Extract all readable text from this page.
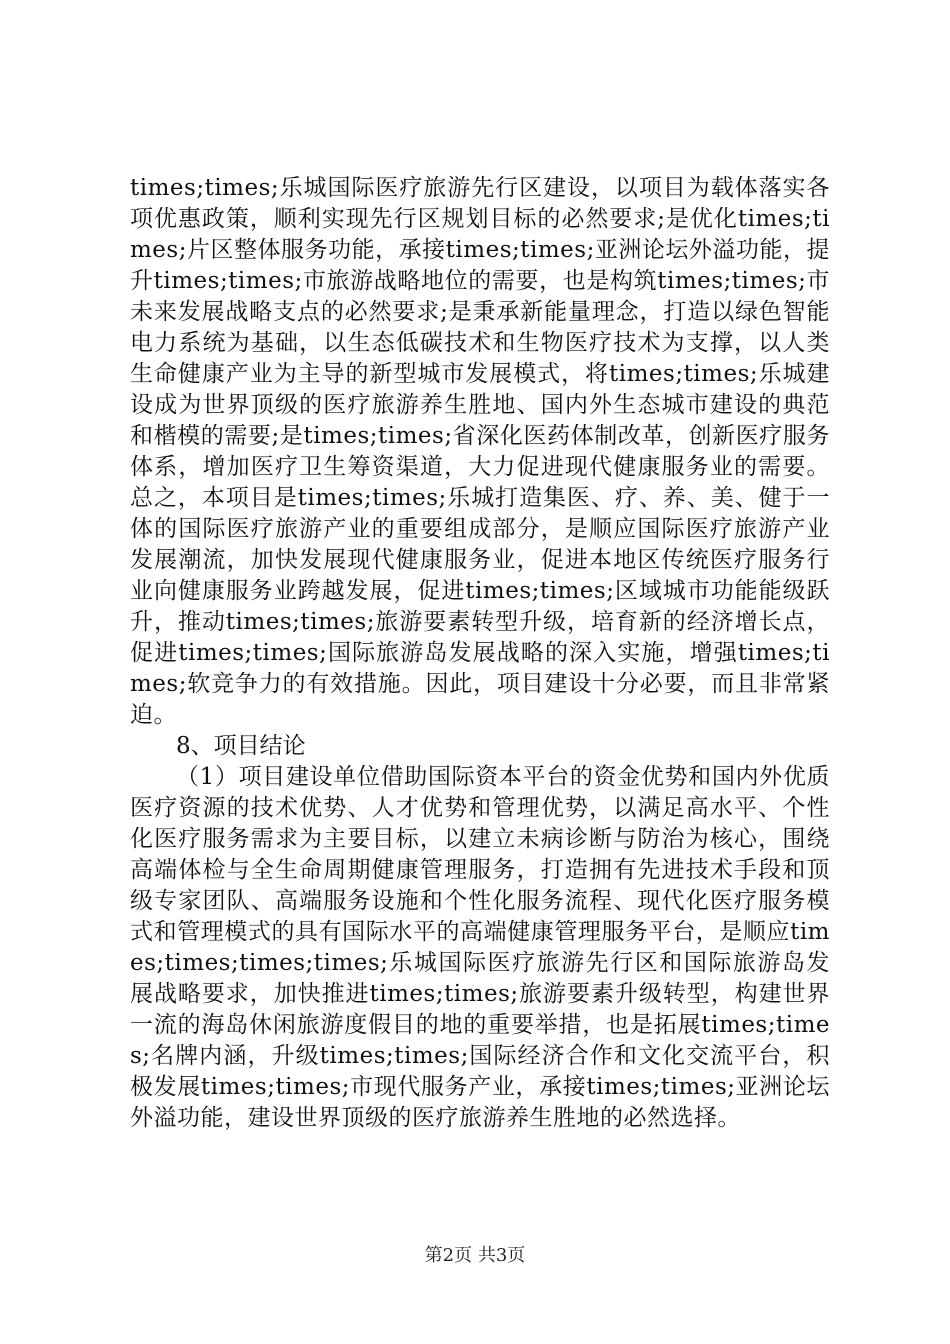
times;times;乐城国际医疗旅游先行区建设，以项目为载体落实各项优惠政策，顺利实现先行区规划目标的必然要求;是优化times;times;片区整体服务功能，承接times;times;亚洲论坛外溢功能，提升times;times;市旅游战略地位的需要，也是构筑times;times;市未来发展战略支点的必然要求;是秉承新能量理念，打造以绿色智能电力系统为基础，以生态低碳技术和生物医疗技术为支撑，以人类生命健康产业为主导的新型城市发展模式，将times;times;乐城建设成为世界顶级的医疗旅游养生胜地、国内外生态城市建设的典范和楷模的需要;是times;times;省深化医药体制改革，创新医疗服务体系，增加医疗卫生筹资渠道，大力促进现代健康服务业的需要。总之，本项目是times;times;乐城打造集医、疗、养、美、健于一体的国际医疗旅游产业的重要组成部分，是顺应国际医疗旅游产业发展潮流，加快发展现代健康服务业，促进本地区传统医疗服务行业向健康服务业跨越发展，促进times;times;区域城市功能能级跃升，推动times;times;旅游要素转型升级，培育新的经济增长点，促进times;times;国际旅游岛发展战略的深入实施，增强times;times;软竞争力的有效措施。因此，项目建设十分必要，而且非常紧迫。

8、项目结论

（1）项目建设单位借助国际资本平台的资金优势和国内外优质医疗资源的技术优势、人才优势和管理优势，以满足高水平、个性化医疗服务需求为主要目标，以建立未病诊断与防治为核心，围绕高端体检与全生命周期健康管理服务，打造拥有先进技术手段和顶级专家团队、高端服务设施和个性化服务流程、现代化医疗服务模式和管理模式的具有国际水平的高端健康管理服务平台，是顺应times;times;times;times;乐城国际医疗旅游先行区和国际旅游岛发展战略要求，加快推进times;times;旅游要素升级转型，构建世界一流的海岛休闲旅游度假目的地的重要举措，也是拓展times;times;名牌内涵，升级times;times;国际经济合作和文化交流平台，积极发展times;times;市现代服务产业，承接times;times;亚洲论坛外溢功能，建设世界顶级的医疗旅游养生胜地的必然选择。

第2页 共3页
